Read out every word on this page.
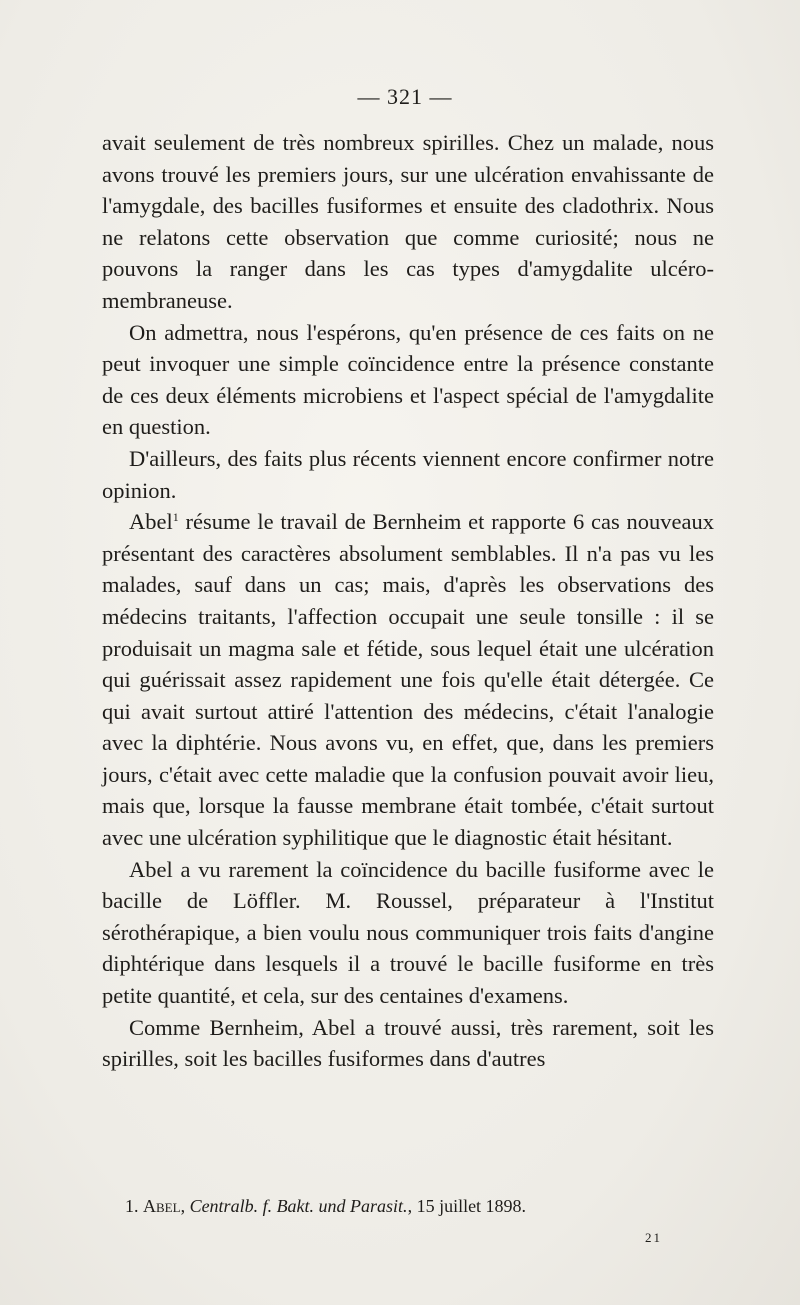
— 321 —

avait seulement de très nombreux spirilles. Chez un malade, nous avons trouvé les premiers jours, sur une ulcération envahissante de l'amygdale, des bacilles fusiformes et ensuite des cladothrix. Nous ne relatons cette observation que comme curiosité; nous ne pouvons la ranger dans les cas types d'amygdalite ulcéro-membraneuse.

On admettra, nous l'espérons, qu'en présence de ces faits on ne peut invoquer une simple coïncidence entre la présence constante de ces deux éléments microbiens et l'aspect spécial de l'amygdalite en question.

D'ailleurs, des faits plus récents viennent encore confirmer notre opinion.

Abel$^1$ résume le travail de Bernheim et rapporte 6 cas nouveaux présentant des caractères absolument semblables. Il n'a pas vu les malades, sauf dans un cas; mais, d'après les observations des médecins traitants, l'affection occupait une seule tonsille : il se produisait un magma sale et fétide, sous lequel était une ulcération qui guérissait assez rapidement une fois qu'elle était détergée. Ce qui avait surtout attiré l'attention des médecins, c'était l'analogie avec la diphtérie. Nous avons vu, en effet, que, dans les premiers jours, c'était avec cette maladie que la confusion pouvait avoir lieu, mais que, lorsque la fausse membrane était tombée, c'était surtout avec une ulcération syphilitique que le diagnostic était hésitant.

Abel a vu rarement la coïncidence du bacille fusiforme avec le bacille de Löffler. M. Roussel, préparateur à l'Institut sérothérapique, a bien voulu nous communiquer trois faits d'angine diphtérique dans lesquels il a trouvé le bacille fusiforme en très petite quantité, et cela, sur des centaines d'examens.

Comme Bernheim, Abel a trouvé aussi, très rarement, soit les spirilles, soit les bacilles fusiformes dans d'autres

1. Abel, Centralb. f. Bakt. und Parasit., 15 juillet 1898.
21
